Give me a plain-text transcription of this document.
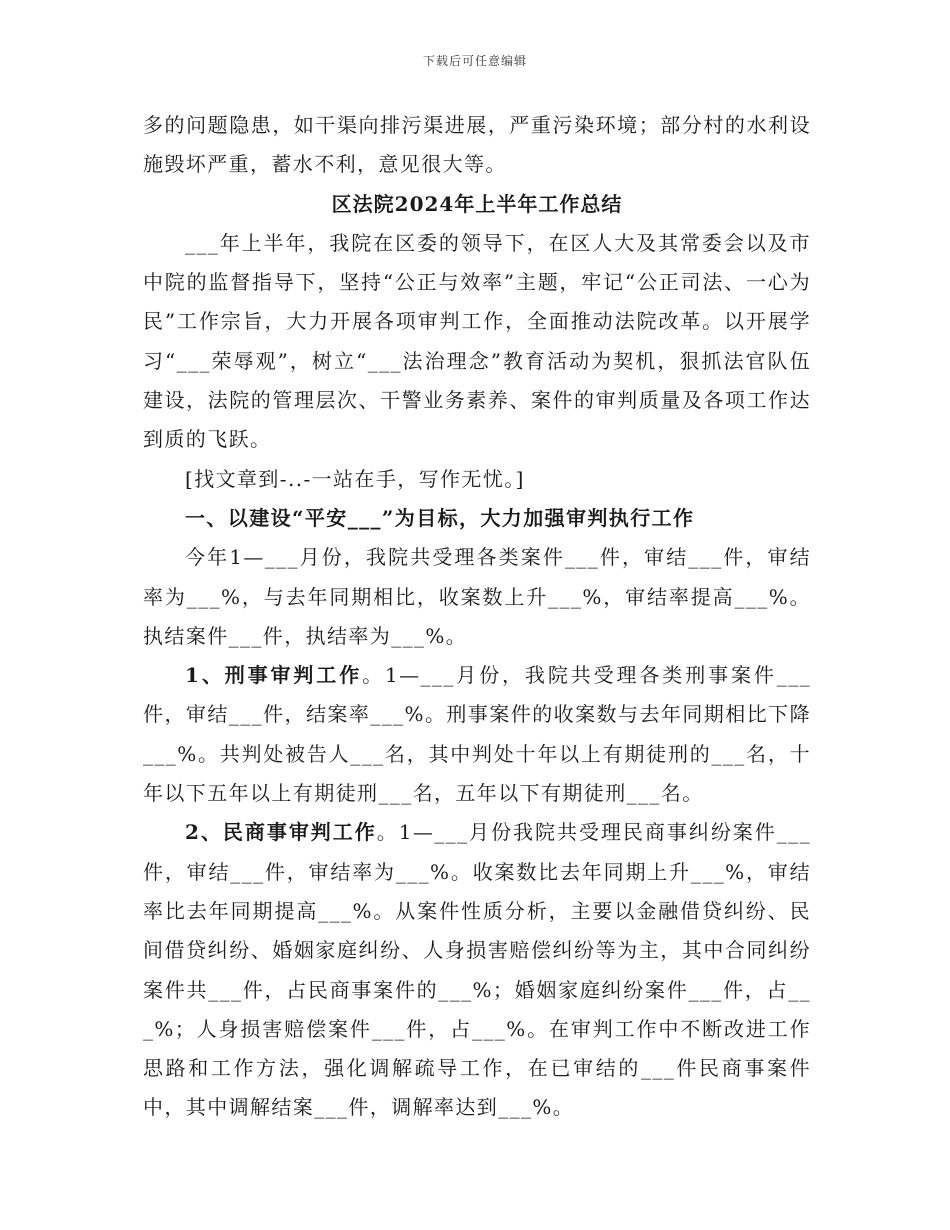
下载后可任意编辑

多的问题隐患，如干渠向排污渠进展，严重污染环境；部分村的水利设施毁坏严重，蓄水不利，意见很大等。

区法院2024年上半年工作总结

___年上半年，我院在区委的领导下，在区人大及其常委会以及市中院的监督指导下，坚持“公正与效率”主题，牢记“公正司法、一心为民”工作宗旨，大力开展各项审判工作，全面推动法院改革。以开展学习“___荣辱观”，树立“___法治理念”教育活动为契机，狠抓法官队伍建设，法院的管理层次、干警业务素养、案件的审判质量及各项工作达到质的飞跃。

[找文章到-..-一站在手，写作无忧。]

一、以建设“平安___”为目标，大力加强审判执行工作

今年1—___月份，我院共受理各类案件___件，审结___件，审结率为___%，与去年同期相比，收案数上升___%，审结率提高___%。执结案件___件，执结率为___%。

1、刑事审判工作。1—___月份，我院共受理各类刑事案件___件，审结___件，结案率___%。刑事案件的收案数与去年同期相比下降___%。共判处被告人___名，其中判处十年以上有期徒刑的___名，十年以下五年以上有期徒刑___名，五年以下有期徒刑___名。

2、民商事审判工作。1—___月份我院共受理民商事纠纷案件___件，审结___件，审结率为___%。收案数比去年同期上升___%，审结率比去年同期提高___%。从案件性质分析，主要以金融借贷纠纷、民间借贷纠纷、婚姻家庭纠纷、人身损害赔偿纠纷等为主，其中合同纠纷案件共___件，占民商事案件的___%；婚姻家庭纠纷案件___件，占___%；人身损害赔偿案件___件，占___%。在审判工作中不断改进工作思路和工作方法，强化调解疏导工作，在已审结的___件民商事案件中，其中调解结案___件，调解率达到___%。
